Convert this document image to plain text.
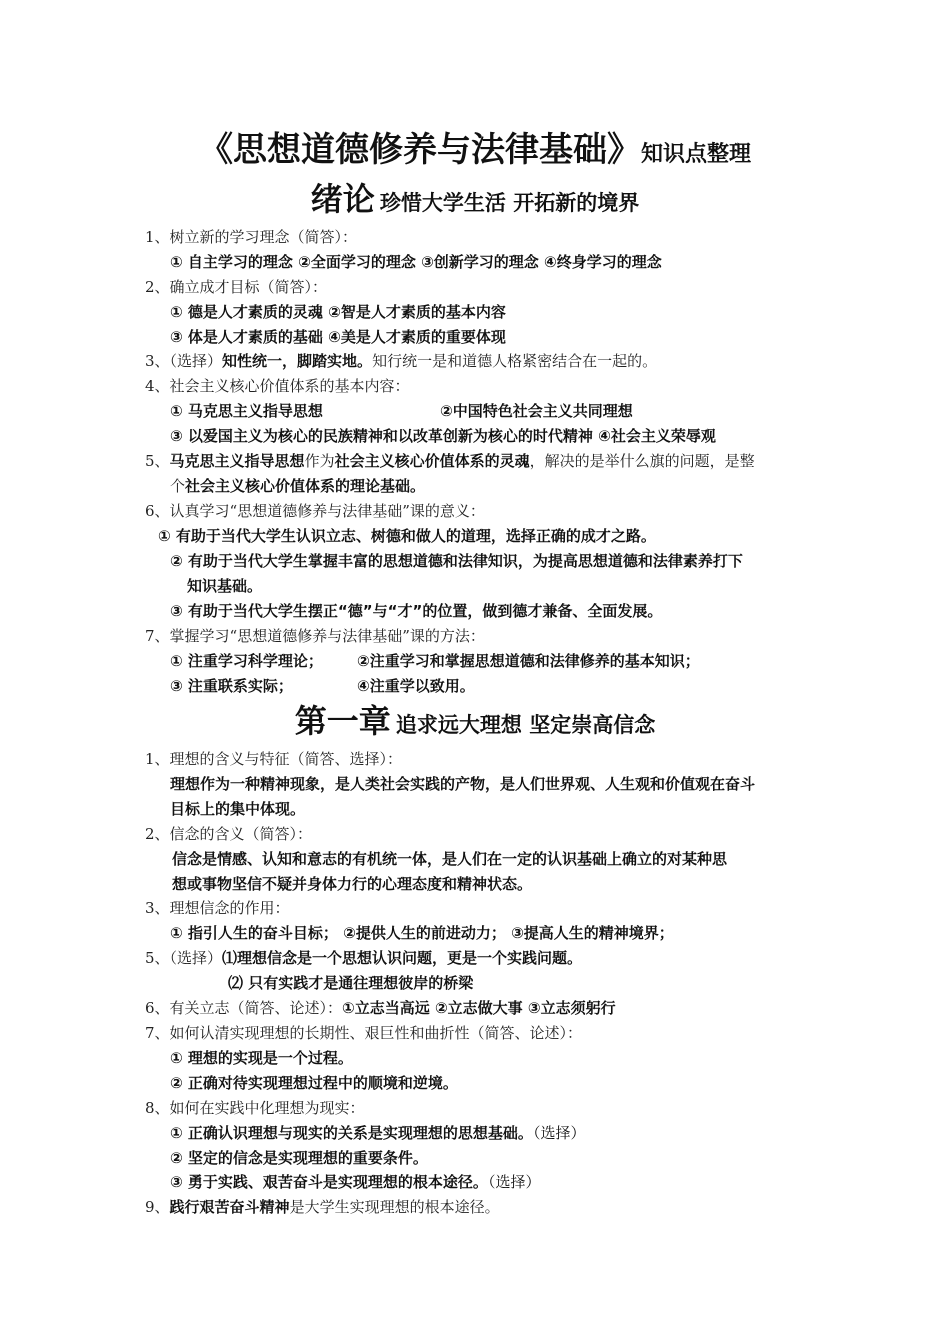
《思想道德修养与法律基础》知识点整理
绪论 珍惜大学生活 开拓新的境界
1、树立新的学习理念（简答）：
① 自主学习的理念 ②全面学习的理念 ③创新学习的理念 ④终身学习的理念
2、确立成才目标（简答）：
① 德是人才素质的灵魂 ②智是人才素质的基本内容
③ 体是人才素质的基础 ④美是人才素质的重要体现
3、（选择）知性统一，脚踏实地。知行统一是和道德人格紧密结合在一起的。
4、社会主义核心价值体系的基本内容：
① 马克思主义指导思想	②中国特色社会主义共同理想
③ 以爱国主义为核心的民族精神和以改革创新为核心的时代精神 ④社会主义荣辱观
5、马克思主义指导思想作为社会主义核心价值体系的灵魂，解决的是举什么旗的问题，是整
个社会主义核心价值体系的理论基础。
6、认真学习“思想道德修养与法律基础”课的意义：
① 有助于当代大学生认识立志、树德和做人的道理，选择正确的成才之路。
② 有助于当代大学生掌握丰富的思想道德和法律知识，为提高思想道德和法律素养打下
知识基础。
③ 有助于当代大学生摆正“德”与“才”的位置，做到德才兼备、全面发展。
7、掌握学习“思想道德修养与法律基础”课的方法：
① 注重学习科学理论； ②注重学习和掌握思想道德和法律修养的基本知识；
③ 注重联系实际；	④注重学以致用。
第一章 追求远大理想 坚定崇高信念
1、理想的含义与特征（简答、选择）：
理想作为一种精神现象，是人类社会实践的产物，是人们世界观、人生观和价值观在奋斗
目标上的集中体现。
2、信念的含义（简答）：
信念是情感、认知和意志的有机统一体，是人们在一定的认识基础上确立的对某种思
想或事物坚信不疑并身体力行的心理态度和精神状态。
3、理想信念的作用：
① 指引人生的奋斗目标； ②提供人生的前进动力； ③提高人生的精神境界；
5、（选择）⑴理想信念是一个思想认识问题，更是一个实践问题。
⑵ 只有实践才是通往理想彼岸的桥梁
6、有关立志（简答、论述）：①立志当高远 ②立志做大事 ③立志须躬行
7、如何认清实现理想的长期性、艰巨性和曲折性（简答、论述）：
① 理想的实现是一个过程。
② 正确对待实现理想过程中的顺境和逆境。
8、如何在实践中化理想为现实：
① 正确认识理想与现实的关系是实现理想的思想基础。（选择）
② 坚定的信念是实现理想的重要条件。
③ 勇于实践、艰苦奋斗是实现理想的根本途径。（选择）
9、践行艰苦奋斗精神是大学生实现理想的根本途径。
